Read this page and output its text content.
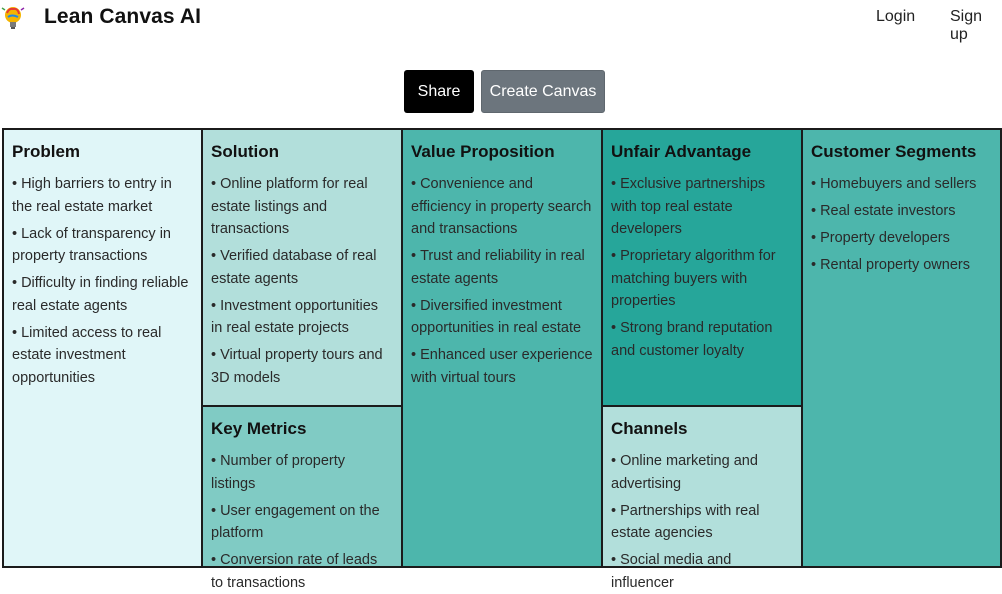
Lean Canvas AI	Login Sign up
Share	Create Canvas
Problem
• High barriers to entry in the real estate market
• Lack of transparency in property transactions
• Difficulty in finding reliable real estate agents
• Limited access to real estate investment opportunities
Solution
• Online platform for real estate listings and transactions
• Verified database of real estate agents
• Investment opportunities in real estate projects
• Virtual property tours and 3D models
Key Metrics
• Number of property listings
• User engagement on the platform
• Conversion rate of leads to transactions
Value Proposition
• Convenience and efficiency in property search and transactions
• Trust and reliability in real estate agents
• Diversified investment opportunities in real estate
• Enhanced user experience with virtual tours
Unfair Advantage
• Exclusive partnerships with top real estate developers
• Proprietary algorithm for matching buyers with properties
• Strong brand reputation and customer loyalty
Channels
• Online marketing and advertising
• Partnerships with real estate agencies
• Social media and influencer
Customer Segments
• Homebuyers and sellers
• Real estate investors
• Property developers
• Rental property owners
